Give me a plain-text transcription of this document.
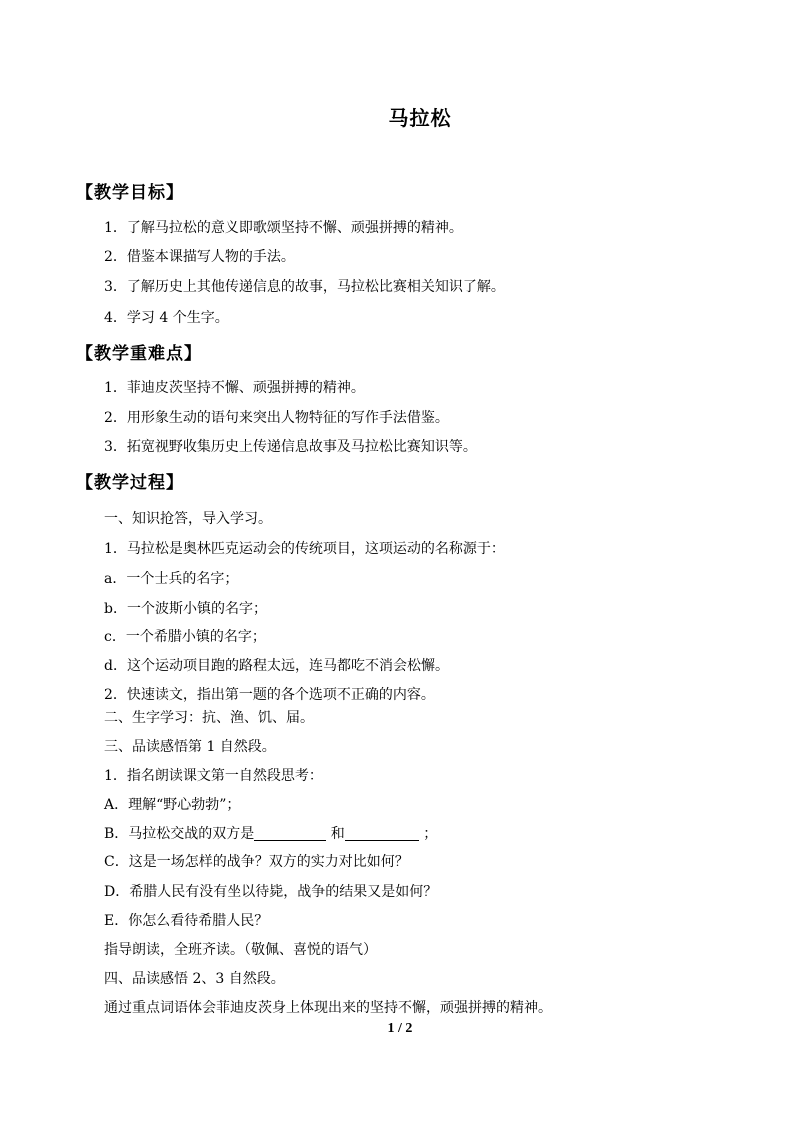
马拉松
【教学目标】
1．了解马拉松的意义即歌颂坚持不懈、顽强拼搏的精神。
2．借鉴本课描写人物的手法。
3．了解历史上其他传递信息的故事，马拉松比赛相关知识了解。
4．学习 4 个生字。
【教学重难点】
1．菲迪皮茨坚持不懈、顽强拼搏的精神。
2．用形象生动的语句来突出人物特征的写作手法借鉴。
3．拓宽视野收集历史上传递信息故事及马拉松比赛知识等。
【教学过程】
一、知识抢答，导入学习。
1．马拉松是奥林匹克运动会的传统项目，这项运动的名称源于：
a．一个士兵的名字；
b．一个波斯小镇的名字；
c．一个希腊小镇的名字；
d．这个运动项目跑的路程太远，连马都吃不消会松懈。
2．快速读文，指出第一题的各个选项不正确的内容。
二、生字学习：抗、渔、饥、届。
三、品读感悟第 1 自然段。
1．指名朗读课文第一自然段思考：
A．理解“野心勃勃”；
B．马拉松交战的双方是	和	；
C．这是一场怎样的战争？双方的实力对比如何？
D．希腊人民有没有坐以待毙，战争的结果又是如何？
E．你怎么看待希腊人民？
指导朗读，全班齐读。（敬佩、喜悦的语气）
四、品读感悟 2、3 自然段。
通过重点词语体会菲迪皮茨身上体现出来的坚持不懈，顽强拼搏的精神。
1 / 2
